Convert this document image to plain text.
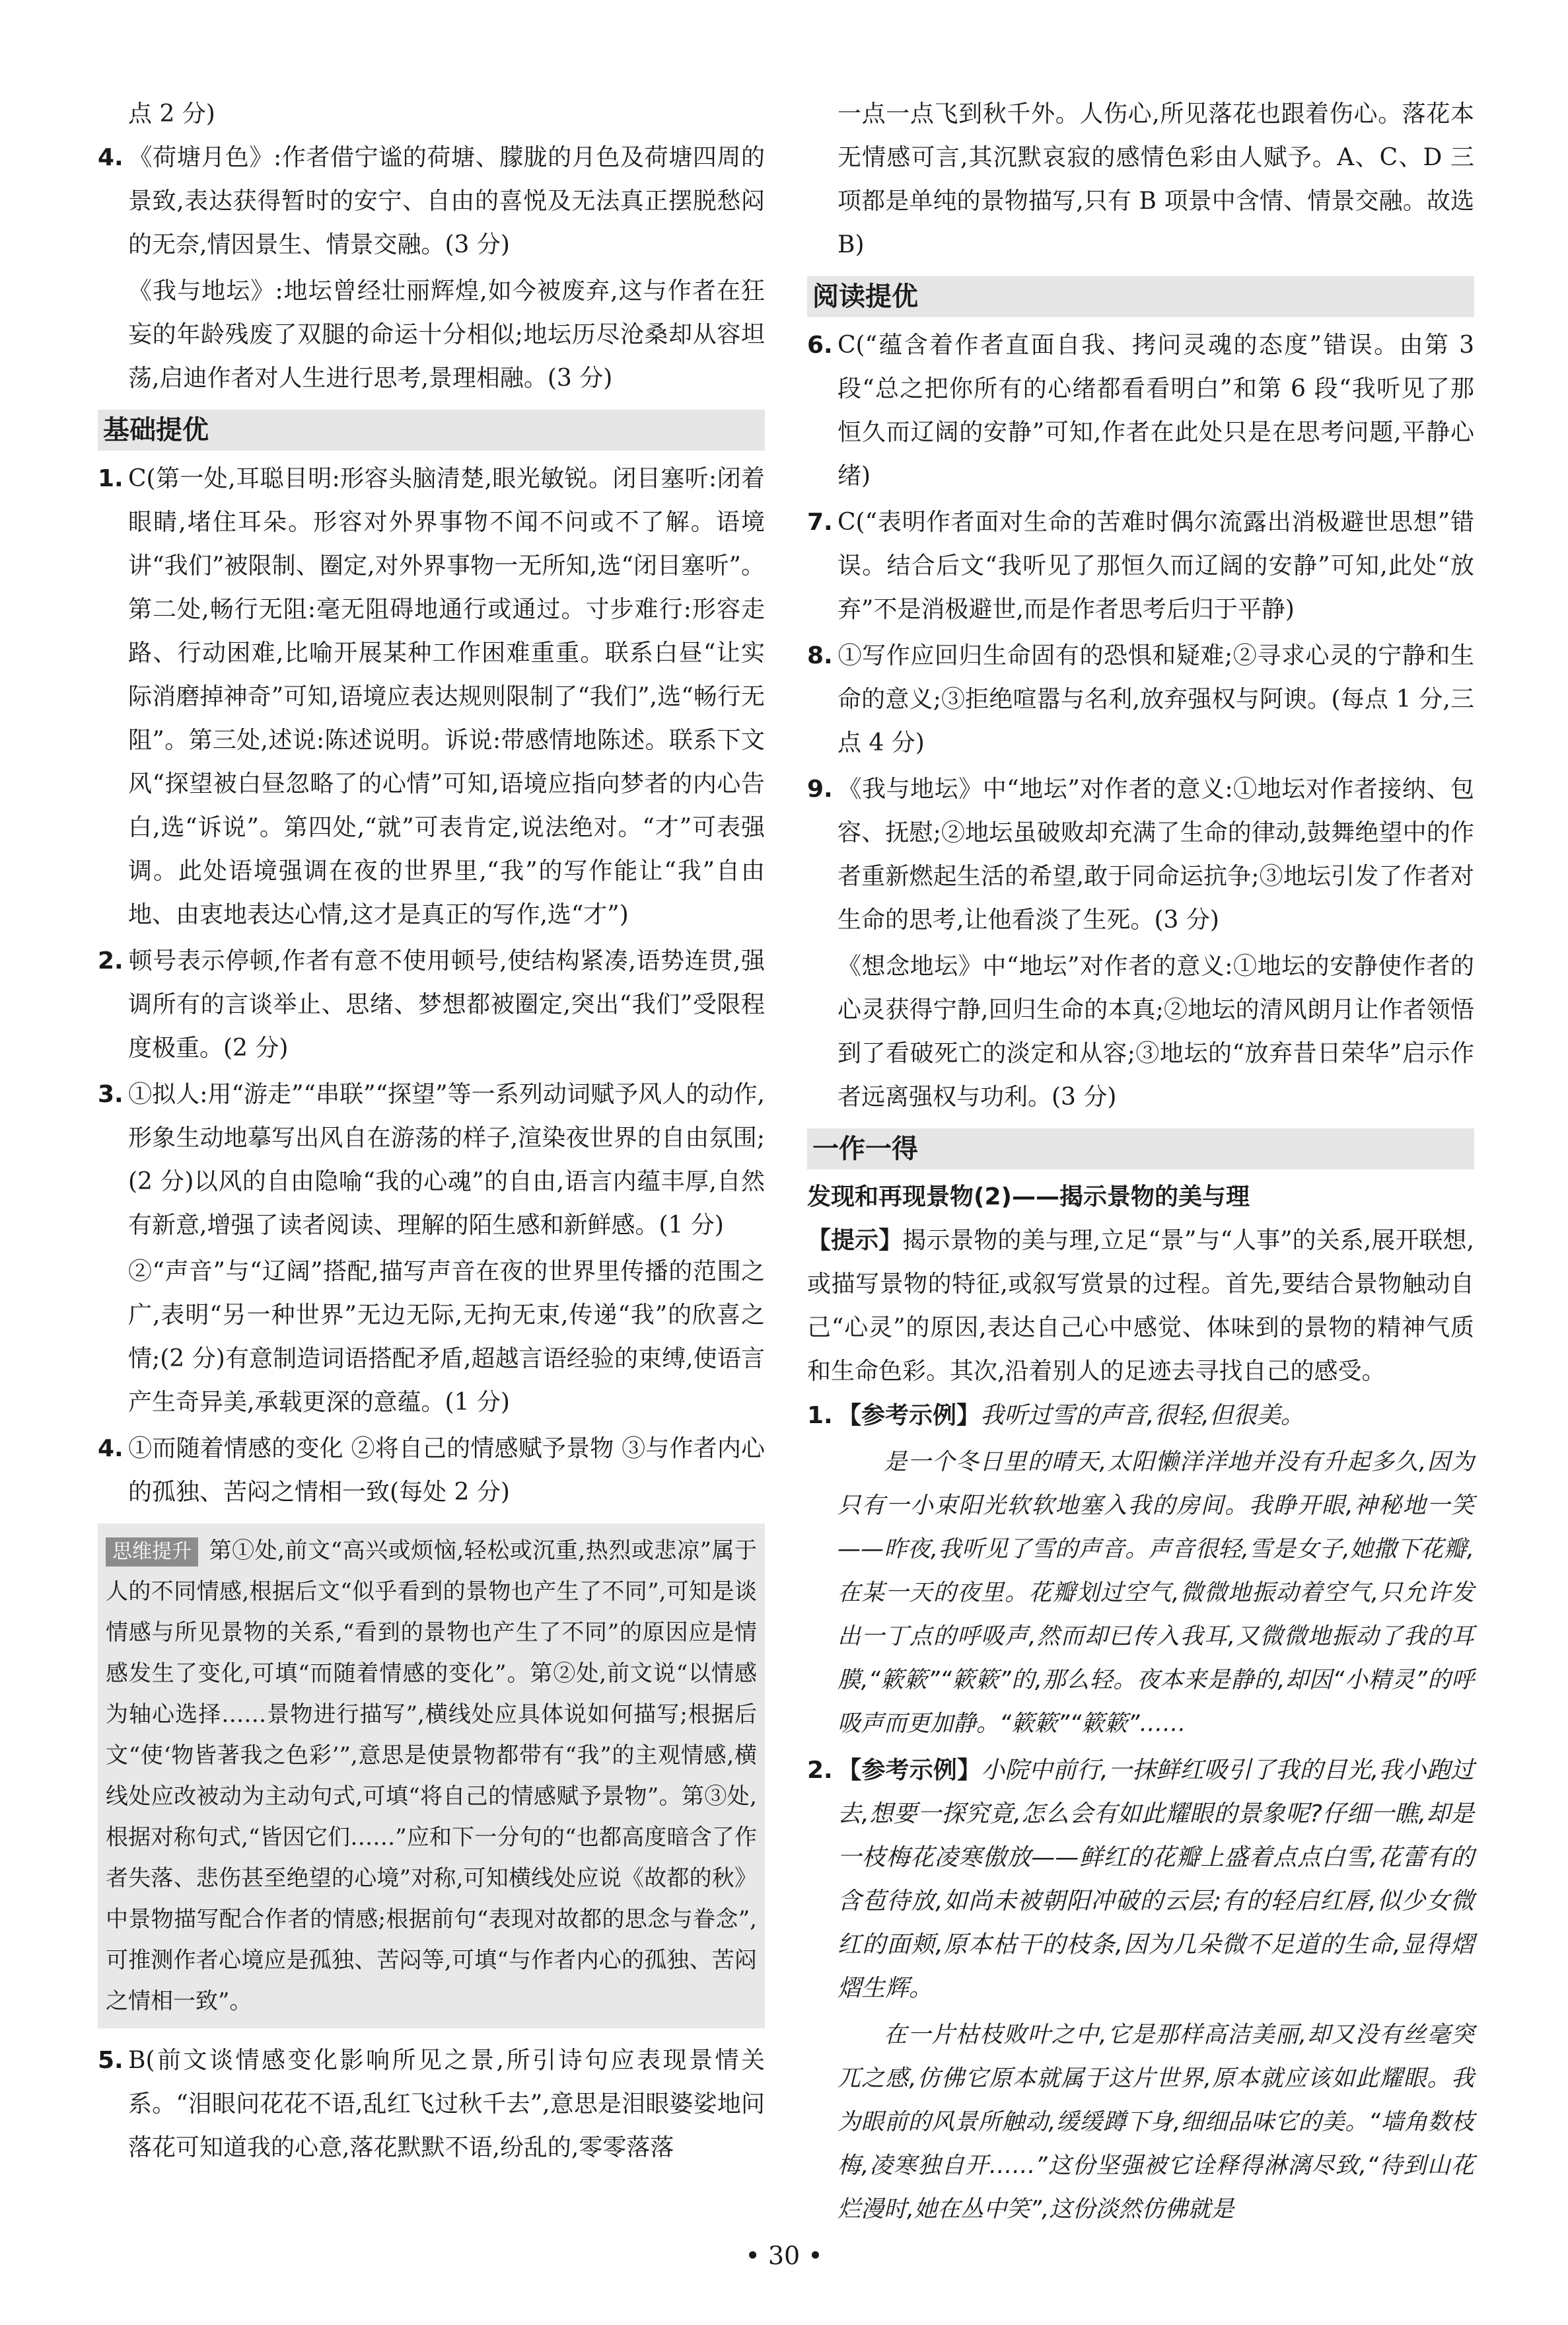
点 2 分)

4. 《荷塘月色》:作者借宁谧的荷塘、朦胧的月色及荷塘四周的景致,表达获得暂时的安宁、自由的喜悦及无法真正摆脱愁闷的无奈,情因景生、情景交融。(3 分)
《我与地坛》:地坛曾经壮丽辉煌,如今被废弃,这与作者在狂妄的年龄残废了双腿的命运十分相似;地坛历尽沧桑却从容坦荡,启迪作者对人生进行思考,景理相融。(3 分)
基础提优
1. C(第一处,耳聪目明:形容头脑清楚,眼光敏锐。闭目塞听:闭着眼睛,堵住耳朵。形容对外界事物不闻不问或不了解。语境讲“我们”被限制、圈定,对外界事物一无所知,选“闭目塞听”。第二处,畅行无阻:毫无阻碍地通行或通过。寸步难行:形容走路、行动困难,比喻开展某种工作困难重重。联系白昼“让实际消磨掉神奇”可知,语境应表达规则限制了“我们”,选“畅行无阻”。第三处,述说:陈述说明。诉说:带感情地陈述。联系下文风“探望被白昼忽略了的心情”可知,语境应指向梦者的内心告白,选“诉说”。第四处,“就”可表肯定,说法绝对。“才”可表强调。此处语境强调在夜的世界里,“我”的写作能让“我”自由地、由衷地表达心情,这才是真正的写作,选“才”)
2. 顿号表示停顿,作者有意不使用顿号,使结构紧凑,语势连贯,强调所有的言谈举止、思绪、梦想都被圈定,突出“我们”受限程度极重。(2 分)
3. ①拟人:用“游走”“串联”“探望”等一系列动词赋予风人的动作,形象生动地摹写出风自在游荡的样子,渲染夜世界的自由氛围;(2 分)以风的自由隐喻“我的心魂”的自由,语言内蕴丰厚,自然有新意,增强了读者阅读、理解的陌生感和新鲜感。(1 分)
②“声音”与“辽阔”搭配,描写声音在夜的世界里传播的范围之广,表明“另一种世界”无边无际,无拘无束,传递“我”的欣喜之情;(2 分)有意制造词语搭配矛盾,超越言语经验的束缚,使语言产生奇异美,承载更深的意蕴。(1 分)
4. ①而随着情感的变化 ②将自己的情感赋予景物 ③与作者内心的孤独、苦闷之情相一致(每处 2 分)
思维提升 第①处,前文“高兴或烦恼,轻松或沉重,热烈或悲凉”属于人的不同情感,根据后文“似乎看到的景物也产生了不同”,可知是谈情感与所见景物的关系,“看到的景物也产生了不同”的原因应是情感发生了变化,可填“而随着情感的变化”。第②处,前文说“以情感为轴心选择……景物进行描写”,横线处应具体说如何描写;根据后文“使‘物皆著我之色彩’”,意思是使景物都带有“我”的主观情感,横线处应改被动为主动句式,可填“将自己的情感赋予景物”。第③处,根据对称句式,“皆因它们……”应和下一分句的“也都高度暗含了作者失落、悲伤甚至绝望的心境”对称,可知横线处应说《故都的秋》中景物描写配合作者的情感;根据前句“表现对故都的思念与眷念”,可推测作者心境应是孤独、苦闷等,可填“与作者内心的孤独、苦闷之情相一致”。
5. B(前文谈情感变化影响所见之景,所引诗句应表现景情关系。“泪眼问花花不语,乱红飞过秋千去”,意思是泪眼婆娑地问落花可知道我的心意,落花默默不语,纷乱的,零零落落

一点一点飞到秋千外。人伤心,所见落花也跟着伤心。落花本无情感可言,其沉默哀寂的感情色彩由人赋予。A、C、D 三项都是单纯的景物描写,只有 B 项景中含情、情景交融。故选 B)

阅读提优
6. C(“蕴含着作者直面自我、拷问灵魂的态度”错误。由第 3 段“总之把你所有的心绪都看看明白”和第 6 段“我听见了那恒久而辽阔的安静”可知,作者在此处只是在思考问题,平静心绪)
7. C(“表明作者面对生命的苦难时偶尔流露出消极避世思想”错误。结合后文“我听见了那恒久而辽阔的安静”可知,此处“放弃”不是消极避世,而是作者思考后归于平静)
8. ①写作应回归生命固有的恐惧和疑难;②寻求心灵的宁静和生命的意义;③拒绝喧嚣与名利,放弃强权与阿谀。(每点 1 分,三点 4 分)
9. 《我与地坛》中“地坛”对作者的意义:①地坛对作者接纳、包容、抚慰;②地坛虽破败却充满了生命的律动,鼓舞绝望中的作者重新燃起生活的希望,敢于同命运抗争;③地坛引发了作者对生命的思考,让他看淡了生死。(3 分)
《想念地坛》中“地坛”对作者的意义:①地坛的安静使作者的心灵获得宁静,回归生命的本真;②地坛的清风朗月让作者领悟到了看破死亡的淡定和从容;③地坛的“放弃昔日荣华”启示作者远离强权与功利。(3 分)
一作一得
发现和再现景物(2)——揭示景物的美与理

【提示】揭示景物的美与理,立足“景”与“人事”的关系,展开联想,或描写景物的特征,或叙写赏景的过程。首先,要结合景物触动自己“心灵”的原因,表达自己心中感觉、体味到的景物的精神气质和生命色彩。其次,沿着别人的足迹去寻找自己的感受。

1. 【参考示例】我听过雪的声音,很轻,但很美。
是一个冬日里的晴天,太阳懒洋洋地并没有升起多久,因为只有一小束阳光软软地塞入我的房间。我睁开眼,神秘地一笑——昨夜,我听见了雪的声音。声音很轻,雪是女子,她撒下花瓣,在某一天的夜里。花瓣划过空气,微微地振动着空气,只允许发出一丁点的呼吸声,然而却已传入我耳,又微微地振动了我的耳膜,“簌簌”“簌簌”的,那么轻。夜本来是静的,却因“小精灵”的呼吸声而更加静。“簌簌”“簌簌”……
2. 【参考示例】小院中前行,一抹鲜红吸引了我的目光,我小跑过去,想要一探究竟,怎么会有如此耀眼的景象呢?仔细一瞧,却是一枝梅花凌寒傲放——鲜红的花瓣上盛着点点白雪,花蕾有的含苞待放,如尚未被朝阳冲破的云层;有的轻启红唇,似少女微红的面颊,原本枯干的枝条,因为几朵微不足道的生命,显得熠熠生辉。
在一片枯枝败叶之中,它是那样高洁美丽,却又没有丝毫突兀之感,仿佛它原本就属于这片世界,原本就应该如此耀眼。我为眼前的风景所触动,缓缓蹲下身,细细品味它的美。“墙角数枝梅,凌寒独自开……”这份坚强被它诠释得淋漓尽致,“待到山花烂漫时,她在丛中笑”,这份淡然仿佛就是
• 30 •
